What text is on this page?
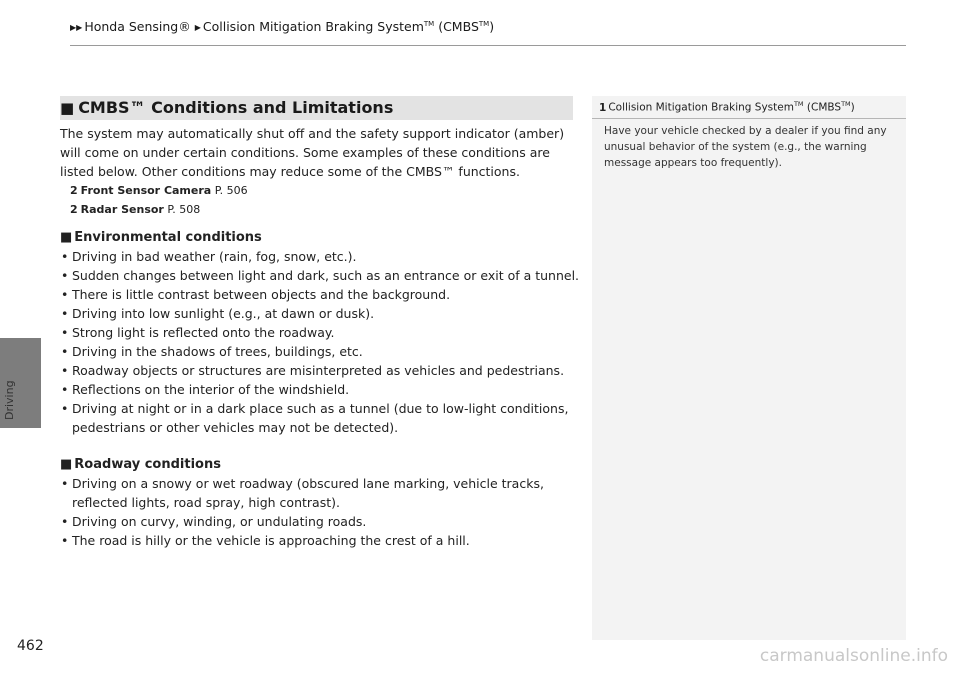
▶▶ Honda Sensing® ▶ Collision Mitigation Braking System™ (CMBS™)
Driving
462
■ CMBS™ Conditions and Limitations

The system may automatically shut off and the safety support indicator (amber) will come on under certain conditions. Some examples of these conditions are listed below. Other conditions may reduce some of the CMBS™ functions.

2 Front Sensor Camera P. 506
2 Radar Sensor P. 508
■ Environmental conditions
• Driving in bad weather (rain, fog, snow, etc.).
• Sudden changes between light and dark, such as an entrance or exit of a tunnel.
• There is little contrast between objects and the background.
• Driving into low sunlight (e.g., at dawn or dusk).
• Strong light is reflected onto the roadway.
• Driving in the shadows of trees, buildings, etc.
• Roadway objects or structures are misinterpreted as vehicles and pedestrians.
• Reflections on the interior of the windshield.
• Driving at night or in a dark place such as a tunnel (due to low-light conditions, pedestrians or other vehicles may not be detected).
■ Roadway conditions
• Driving on a snowy or wet roadway (obscured lane marking, vehicle tracks, reflected lights, road spray, high contrast).
• Driving on curvy, winding, or undulating roads.
• The road is hilly or the vehicle is approaching the crest of a hill.
1 Collision Mitigation Braking System™ (CMBS™)
Have your vehicle checked by a dealer if you find any unusual behavior of the system (e.g., the warning message appears too frequently).
carmanualsonline.info
